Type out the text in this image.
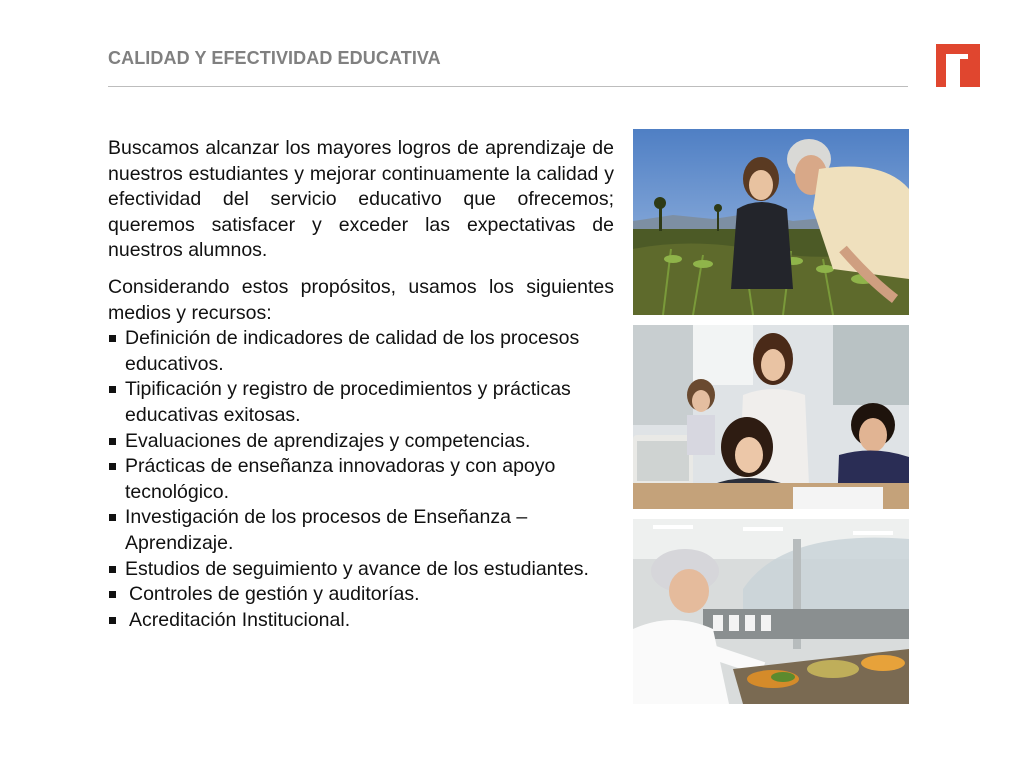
CALIDAD Y EFECTIVIDAD EDUCATIVA

Buscamos alcanzar los mayores logros de aprendizaje de nuestros estudiantes y mejorar continuamente la calidad y efectividad del servicio educativo que ofrecemos; queremos satisfacer y exceder las expectativas de nuestros alumnos.

Considerando estos propósitos, usamos los siguientes medios y recursos:

Definición de indicadores de calidad de los procesos educativos.
Tipificación y registro de procedimientos y prácticas educativas exitosas.
Evaluaciones de aprendizajes y competencias.
Prácticas de enseñanza innovadoras y con apoyo tecnológico.
Investigación de los procesos de Enseñanza – Aprendizaje.
Estudios de seguimiento y avance de los estudiantes.
Controles de gestión y auditorías.
Acreditación Institucional.
